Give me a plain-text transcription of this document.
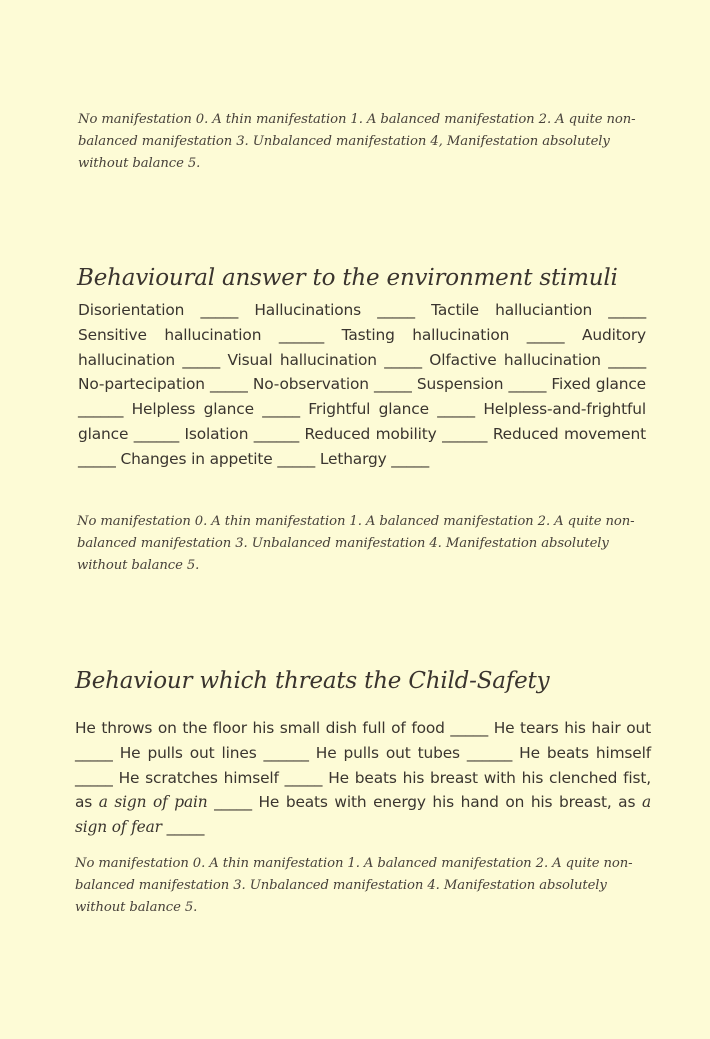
No manifestation 0. A thin manifestation 1. A balanced manifestation 2. A quite non-balanced manifestation 3. Unbalanced manifestation 4, Manifestation absolutely without balance 5.

Behavioural answer to the environment stimuli

Disorientation _____ Hallucinations _____ Tactile halluciantion _____ Sensitive hallucination ______ Tasting hallucination _____ Auditory hallucination _____ Visual hallucination _____ Olfactive hallucination _____ No-partecipation _____ No-observation _____ Suspension _____ Fixed glance ______ Helpless glance _____ Frightful glance _____ Helpless-and-frightful glance ______ Isolation ______ Reduced mobility ______ Reduced movement _____ Changes in appetite _____ Lethargy _____

No manifestation 0. A thin manifestation 1. A balanced manifestation 2. A quite non-balanced manifestation 3. Unbalanced manifestation 4. Manifestation absolutely without balance 5.

Behaviour which threats the Child-Safety

He throws on the floor his small dish full of food _____ He tears his hair out _____ He pulls out lines ______ He pulls out tubes ______ He beats himself _____ He scratches himself _____ He beats his breast with his clenched fist, as a sign of pain _____ He beats with energy his hand on his breast, as a sign of fear _____

No manifestation 0. A thin manifestation 1. A balanced manifestation 2. A quite non-balanced manifestation 3. Unbalanced manifestation 4. Manifestation absolutely without balance 5.
